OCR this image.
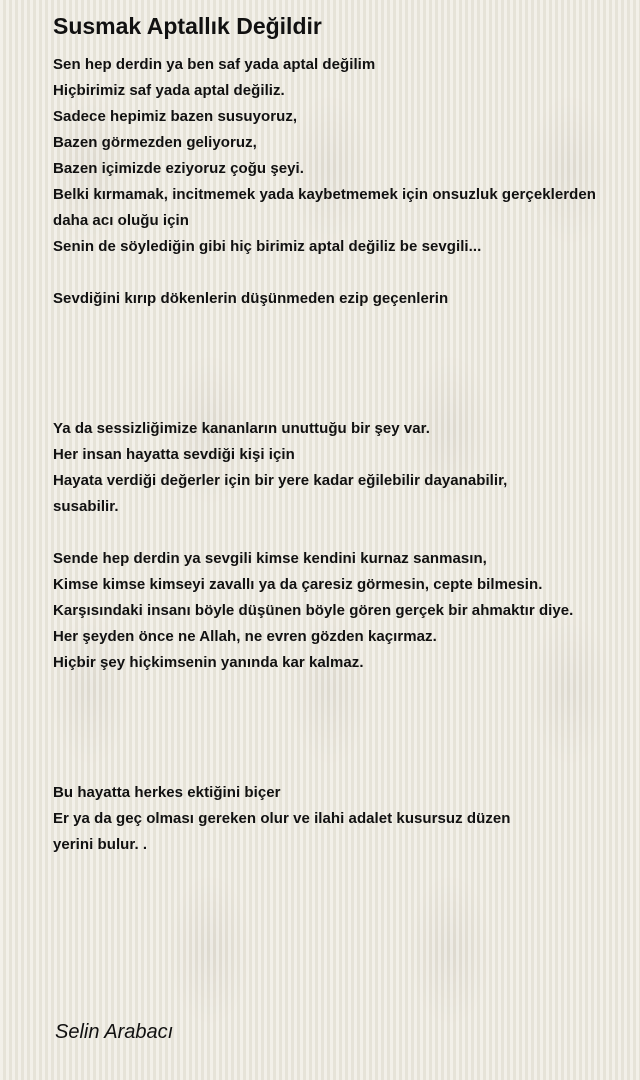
Susmak Aptallık Değildir
Sen hep derdin ya ben saf yada aptal değilim
Hiçbirimiz saf yada aptal değiliz.
Sadece hepimiz bazen susuyoruz,
Bazen görmezden geliyoruz,
Bazen içimizde eziyoruz çoğu şeyi.
Belki kırmamak, incitmemek yada kaybetmemek için onsuzluk gerçeklerden
daha acı oluğu için
Senin de söylediğin gibi hiç birimiz aptal değiliz be sevgili...
Sevdiğini kırıp dökenlerin düşünmeden ezip geçenlerin
Ya da sessizliğimize kananların unuttuğu bir şey var.
Her insan hayatta sevdiği kişi için
Hayata verdiği değerler için bir yere kadar eğilebilir dayanabilir,
susabilir.
Sende hep derdin ya sevgili kimse kendini kurnaz sanmasın,
Kimse kimse kimseyi zavallı ya da çaresiz görmesin, cepte bilmesin.
Karşısındaki insanı böyle düşünen böyle gören gerçek bir ahmaktır diye.
Her şeyden önce ne Allah, ne evren gözden kaçırmaz.
Hiçbir şey hiçkimsenin yanında kar kalmaz.
Bu hayatta herkes ektiğini biçer
Er ya da geç olması gereken olur ve ilahi adalet kusursuz düzen
yerini bulur. .

Selin Arabacı
